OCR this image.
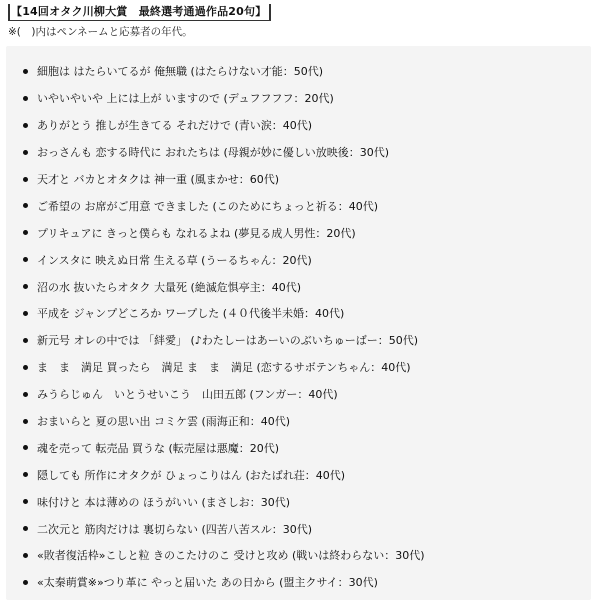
【14回オタク川柳大賞　最終選考通過作品20句】
※(　)内はペンネームと応募者の年代。
細胞は はたらいてるが 俺無職 (はたらけない才能：50代)
いやいやいや 上には上が いますので (デュフフフフ：20代)
ありがとう 推しが生きてる それだけで (青い涙：40代)
おっさんも 恋する時代に おれたちは (母親が妙に優しい放映後：30代)
天才と バカとオタクは 神一重 (風まかせ：60代)
ご希望の お席がご用意 できました (このためにちょっと祈る：40代)
プリキュアに きっと僕らも なれるよね (夢見る成人男性：20代)
インスタに 映えぬ日常 生える草 (うーるちゃん：20代)
沼の水 抜いたらオタク 大量死 (絶滅危惧亭主：40代)
平成を ジャンプどころか ワープした (４０代後半未婚：40代)
新元号 オレの中では 「絆愛」 (♪わたしーはあーいのぶいちゅーばー：50代)
ま　ま　満足 買ったら　満足 ま　ま　満足 (恋するサボテンちゃん：40代)
みうらじゅん　いとうせいこう　山田五郎 (フンガー：40代)
おまいらと 夏の思い出 コミケ雲 (雨海正和：40代)
魂を売って 転売品 買うな (転売屋は悪魔：20代)
隠しても 所作にオタクが ひょっこりはん (おたばれ荘：40代)
味付けと 本は薄めの ほうがいい (まさしお：30代)
二次元と 筋肉だけは 裏切らない (四苦八苦スル：30代)
«敗者復活枠»こしと粒 きのこたけのこ 受けと攻め (戦いは終わらない：30代)
«太秦萌賞※»つり革に やっと届いた あの日から (盟主クサイ：30代)
